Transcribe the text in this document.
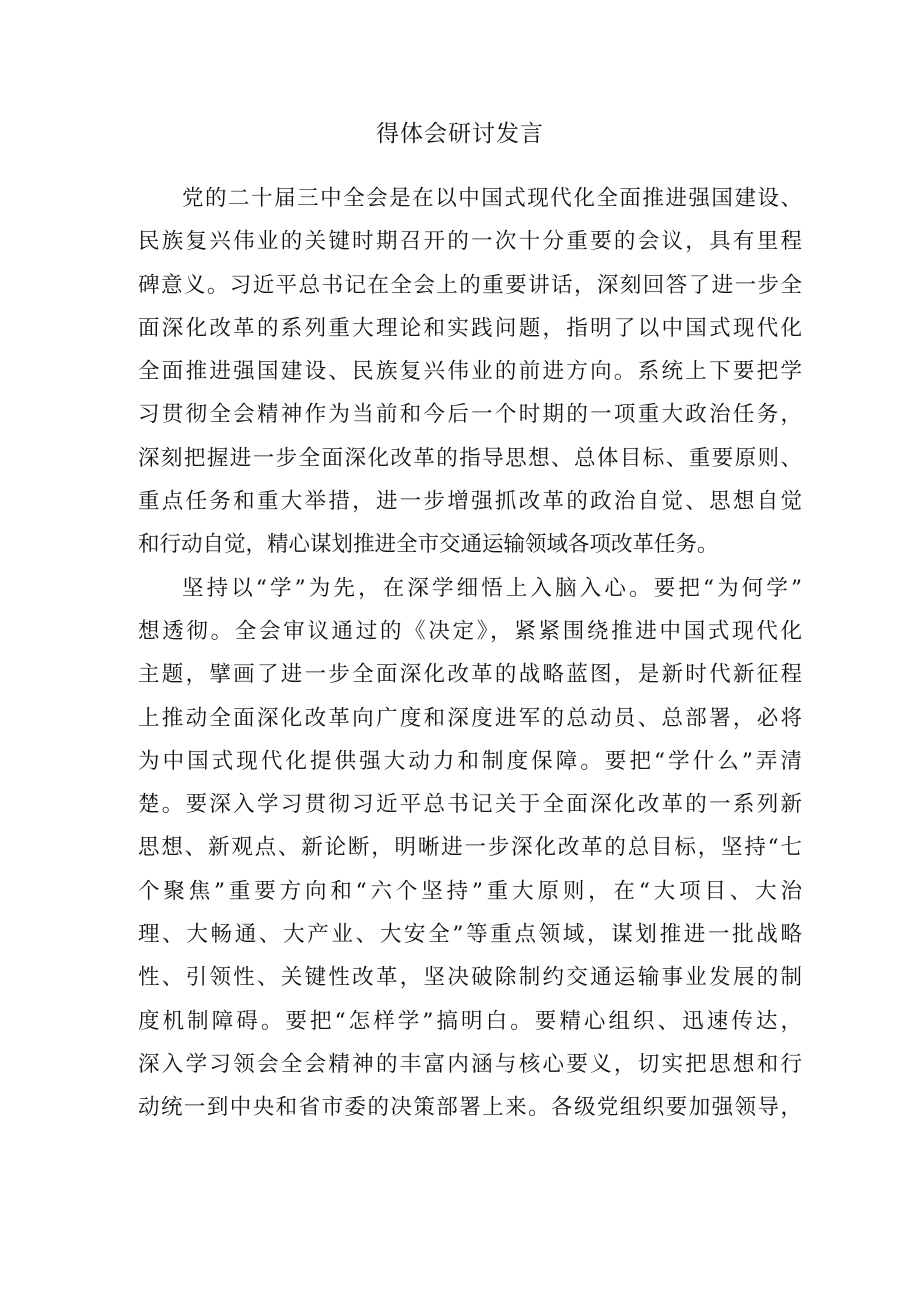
得体会研讨发言
党的二十届三中全会是在以中国式现代化全面推进强国建设、
民族复兴伟业的关键时期召开的一次十分重要的会议，具有里程
碑意义。习近平总书记在全会上的重要讲话，深刻回答了进一步全
面深化改革的系列重大理论和实践问题，指明了以中国式现代化
全面推进强国建设、民族复兴伟业的前进方向。系统上下要把学
习贯彻全会精神作为当前和今后一个时期的一项重大政治任务，
深刻把握进一步全面深化改革的指导思想、总体目标、重要原则、
重点任务和重大举措，进一步增强抓改革的政治自觉、思想自觉
和行动自觉，精心谋划推进全市交通运输领域各项改革任务。
坚持以“学”为先，在深学细悟上入脑入心。要把“为何学”
想透彻。全会审议通过的《决定》，紧紧围绕推进中国式现代化
主题，擘画了进一步全面深化改革的战略蓝图，是新时代新征程
上推动全面深化改革向广度和深度进军的总动员、总部署，必将
为中国式现代化提供强大动力和制度保障。要把“学什么”弄清
楚。要深入学习贯彻习近平总书记关于全面深化改革的一系列新
思想、新观点、新论断，明晰进一步深化改革的总目标，坚持“七
个聚焦”重要方向和“六个坚持”重大原则，在“大项目、大治
理、大畅通、大产业、大安全”等重点领域，谋划推进一批战略
性、引领性、关键性改革，坚决破除制约交通运输事业发展的制
度机制障碍。要把“怎样学”搞明白。要精心组织、迅速传达，
深入学习领会全会精神的丰富内涵与核心要义，切实把思想和行
动统一到中央和省市委的决策部署上来。各级党组织要加强领导，
